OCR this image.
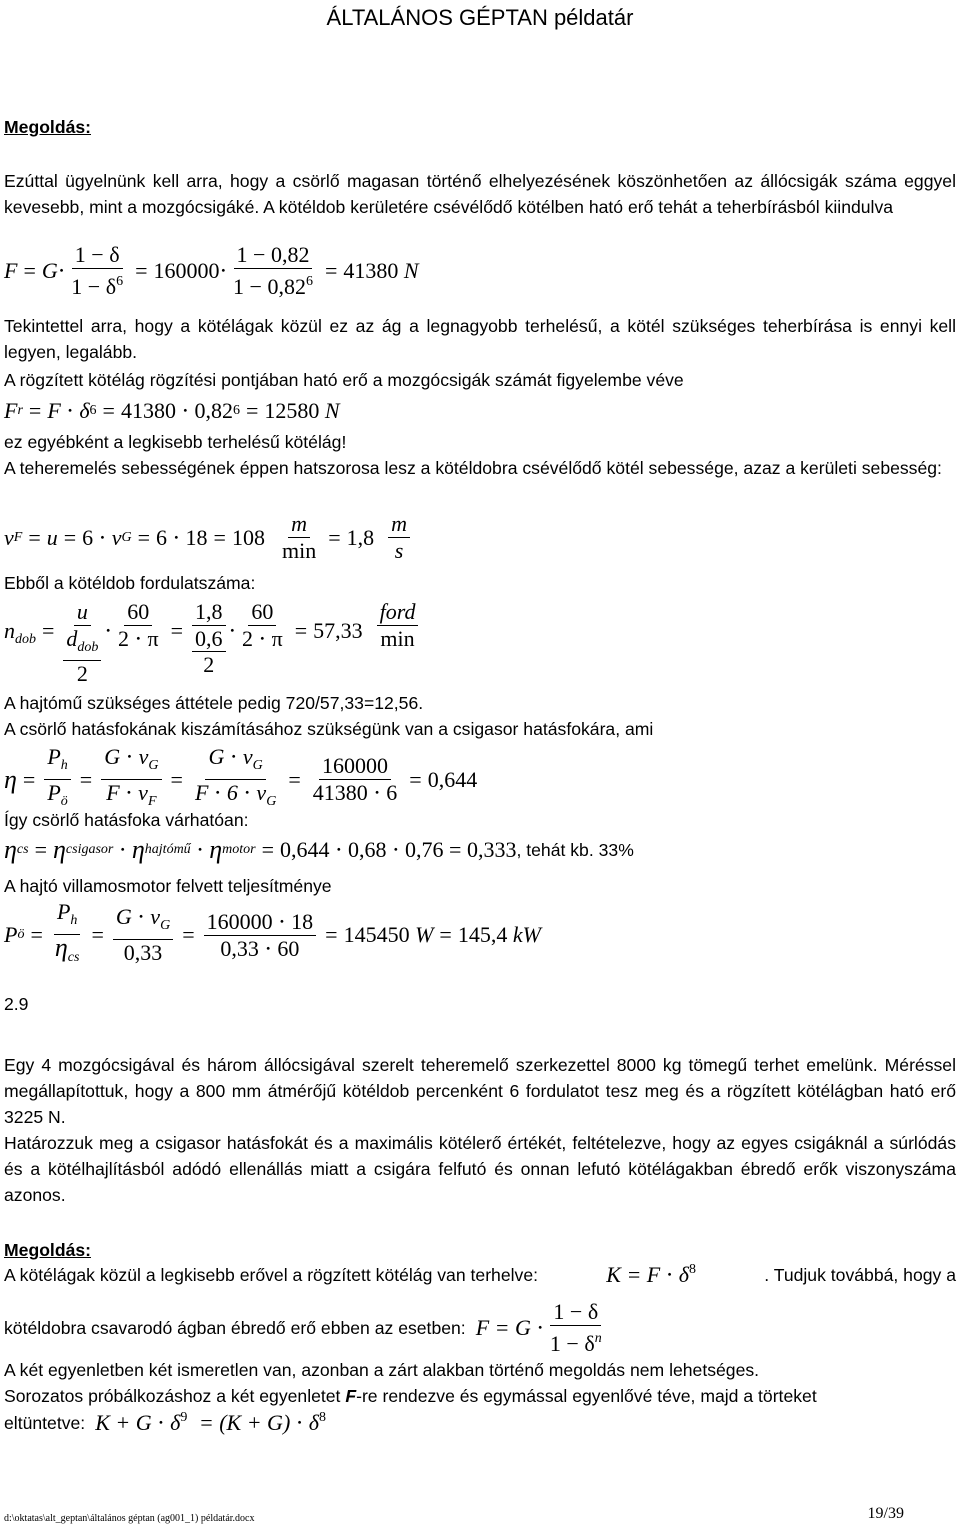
ÁLTALÁNOS GÉPTAN példatár
Megoldás:

Ezúttal ügyelnünk kell arra, hogy a csörlő magasan történő elhelyezésének köszönhetően az állócsigák száma eggyel kevesebb, mint a mozgócsigáké. A kötéldob kerületére csévélődő kötélben ható erő tehát a teherbírásból kiindulva

$F = G \cdot \frac{1 - \delta}{1 - \delta^6} = 160000 \cdot \frac{1 - 0,82}{1 - 0,82^6} = 41380$
N

Tekintettel arra, hogy a kötélágak közül ez az ág a legnagyobb terhelésű, a kötél szükséges teherbírása is ennyi kell legyen, legalább.

A rögzített kötélág rögzítési pontjában ható erő a mozgócsigák számát figyelembe véve

F r = F ⋅ δ 6 = 41380 ⋅ 0,82 6 = 12580
N

ez egyébként a legkisebb terhelésű kötélág!

A teheremelés sebességének éppen hatszorosa lesz a kötéldobra csévélődő kötél sebessége, azaz a kerületi sebesség:

v F = u = 6 ⋅ v $G = 6 \cdot 18 = 108 \frac{m}{\min} = 1,8 \frac{m}{s}$

Ebből a kötéldob fordulatszáma:

$n_{dob}$ =
u
$d_{dob}$
2
⋅ $\frac{60}{2 \cdot \pi}$ =
1,8
0,6
2
⋅ $\frac{60}{2 \cdot \pi} = 57,33 \frac{\text{ford}}{\min}$

A hajtómű szükséges áttétele pedig 720/57,33=12,56.

A csörlő hatásfokának kiszámításához szükségünk van a csigasor hatásfokára, ami

$\eta = \frac{P_h}{P_ö} = \frac{G \cdot v_G}{F \cdot v_F} = \frac{G \cdot v_G}{F \cdot 6 \cdot v_G} = \frac{160000}{41380 \cdot 6} = 0,644$

Így csörlő hatásfoka várhatóan:

η cs = η csigasor ⋅ η hajtómű ⋅ η motor = 0,644 ⋅ 0,68 ⋅ 0,76 = 0,333 , tehát kb. 33%

A hajtó villamosmotor felvett teljesítménye

P ö = $\frac{P_h}{\eta_{cs}} = \frac{G \cdot v_G}{0,33} = \frac{160000 \cdot 18}{0,33 \cdot 60} = 145450$
W = 145,4
kW
2.9

Egy 4 mozgócsigával és három állócsigával szerelt teheremelő szerkezettel 8000 kg tömegű terhet emelünk. Méréssel megállapítottuk, hogy a 800 mm átmérőjű kötéldob percenként 6 fordulatot tesz meg és a rögzített kötélágban ható erő 3225 N.

Határozzuk meg a csigasor hatásfokát és a maximális kötélerő értékét, feltételezve, hogy az egyes csigáknál a súrlódás és a kötélhajlításból adódó ellenállás miatt a csigára felfutó és onnan lefutó kötélágakban ébredő erők viszonyszáma azonos.

Megoldás:
A kötélágak közül a legkisebb erővel a rögzített kötélág van terhelve:	$K = F \cdot \delta^8$	. Tudjuk továbbá, hogy a
kötéldobra csavarodó ágban ébredő erő ebben az esetben: $F = G \cdot \frac{1 - \delta}{1 - \delta^n}$

A két egyenletben két ismeretlen van, azonban a zárt alakban történő megoldás nem lehetséges.

Sorozatos próbálkozáshoz a két egyenletet F-re rendezve és egymással egyenlővé téve, majd a törteket

eltüntetve: $K + G \cdot \delta^9 = (K + G) \cdot \delta^8$
d:\oktatas\alt_geptan\általános géptan (ag001_1) példatár.docx	19/39
